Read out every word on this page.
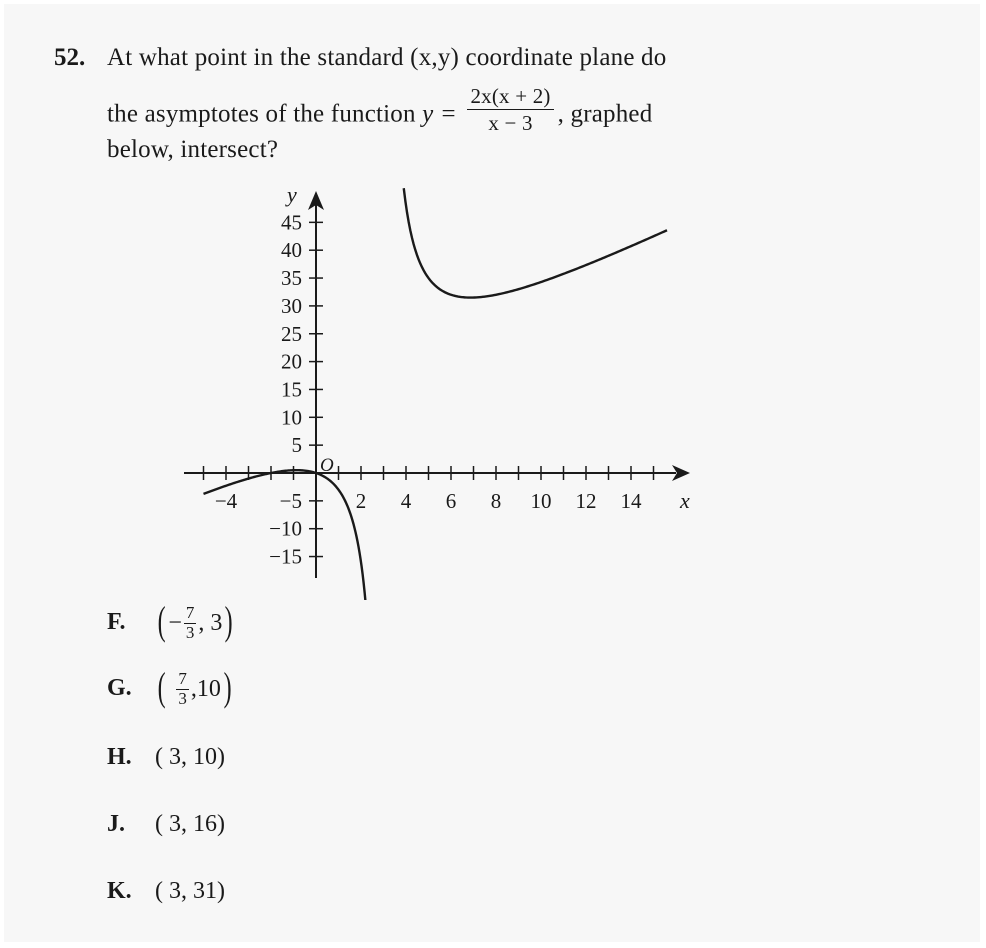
52. At what point in the standard (x,y) coordinate plane do
the asymptotes of the function $y = \frac{2x(x + 2)}{x - 3}$ , graphed
below, intersect?
−4	2 4 6 8 10 12 14
45
40
35
30
25
20
15
10
5
−5
−10
−15
x
y
O
F. ( − $\frac{7}{3}$ , 3)
G. ( $\frac{7}{3} ,10$)
H. ( 3, 10)
J. ( 3, 16)
K. ( 3, 31)
